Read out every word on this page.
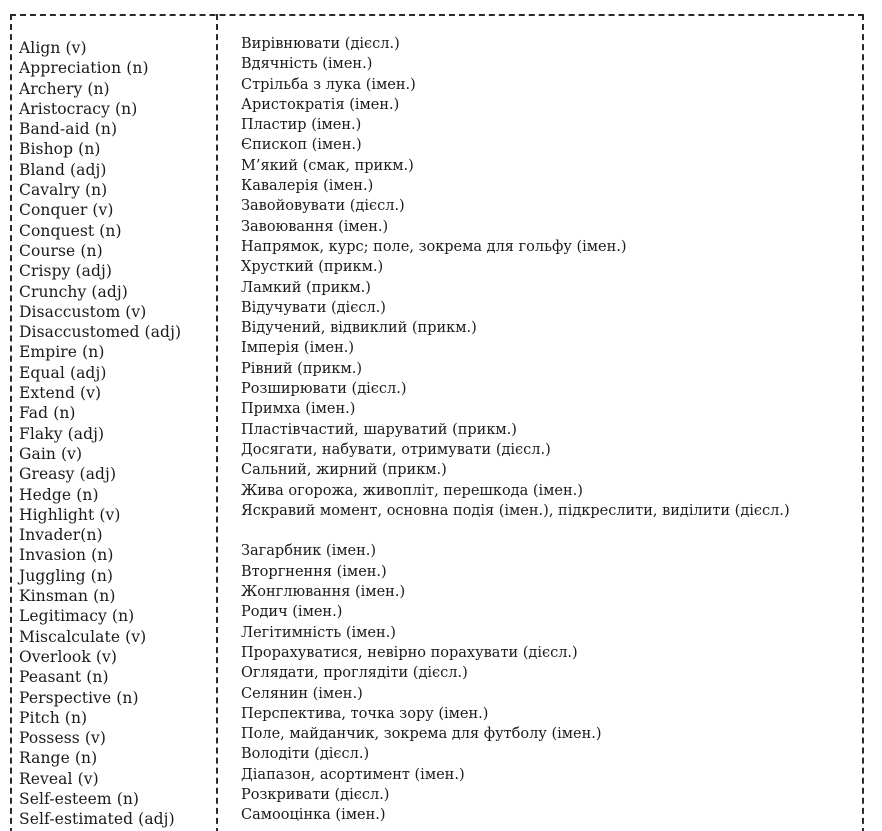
Align (v)
Appreciation (n)
Archery (n)
Aristocracy (n)
Band-aid (n)
Bishop (n)
Bland (adj)
Cavalry (n)
Conquer (v)
Conquest (n)
Course (n)
Crispy (adj)
Crunchy (adj)
Disaccustom (v)
Disaccustomed (adj)
Empire (n)
Equal (adj)
Extend (v)
Fad (n)
Flaky (adj)
Gain (v)
Greasy (adj)
Hedge (n)
Highlight (v)
Invader(n)
Invasion (n)
Juggling (n)
Kinsman (n)
Legitimacy (n)
Miscalculate (v)
Overlook (v)
Peasant (n)
Perspective (n)
Pitch (n)
Possess (v)
Range (n)
Reveal (v)
Self-esteem (n)
Self-estimated (adj)
Вирівнювати (дієсл.)
Вдячність (імен.)
Стрільба з лука (імен.)
Аристократія (імен.)
Пластир (імен.)
Єпископ (імен.)
М’який (смак, прикм.)
Кавалерія (імен.)
Завойовувати (дієсл.)
Завоювання (імен.)
Напрямок, курс; поле, зокрема для гольфу (імен.)
Хрусткий (прикм.)
Ламкий (прикм.)
Відучувати (дієсл.)
Відучений, відвиклий (прикм.)
Імперія (імен.)
Рівний (прикм.)
Розширювати (дієсл.)
Примха (імен.)
Пластівчастий, шаруватий (прикм.)
Досягати, набувати, отримувати (дієсл.)
Сальний, жирний (прикм.)
Жива огорожа, живопліт, перешкода (імен.)
Яскравий момент, основна подія (імен.), підкреслити, виділити (дієсл.)
Загарбник (імен.)
Вторгнення (імен.)
Жонглювання (імен.)
Родич (імен.)
Легітимність (імен.)
Прорахуватися, невірно порахувати (дієсл.)
Оглядати, проглядіти (дієсл.)
Селянин (імен.)
Перспектива, точка зору (імен.)
Поле, майданчик, зокрема для футболу (імен.)
Володіти (дієсл.)
Діапазон, асортимент (імен.)
Розкривати (дієсл.)
Самооцінка (імен.)
